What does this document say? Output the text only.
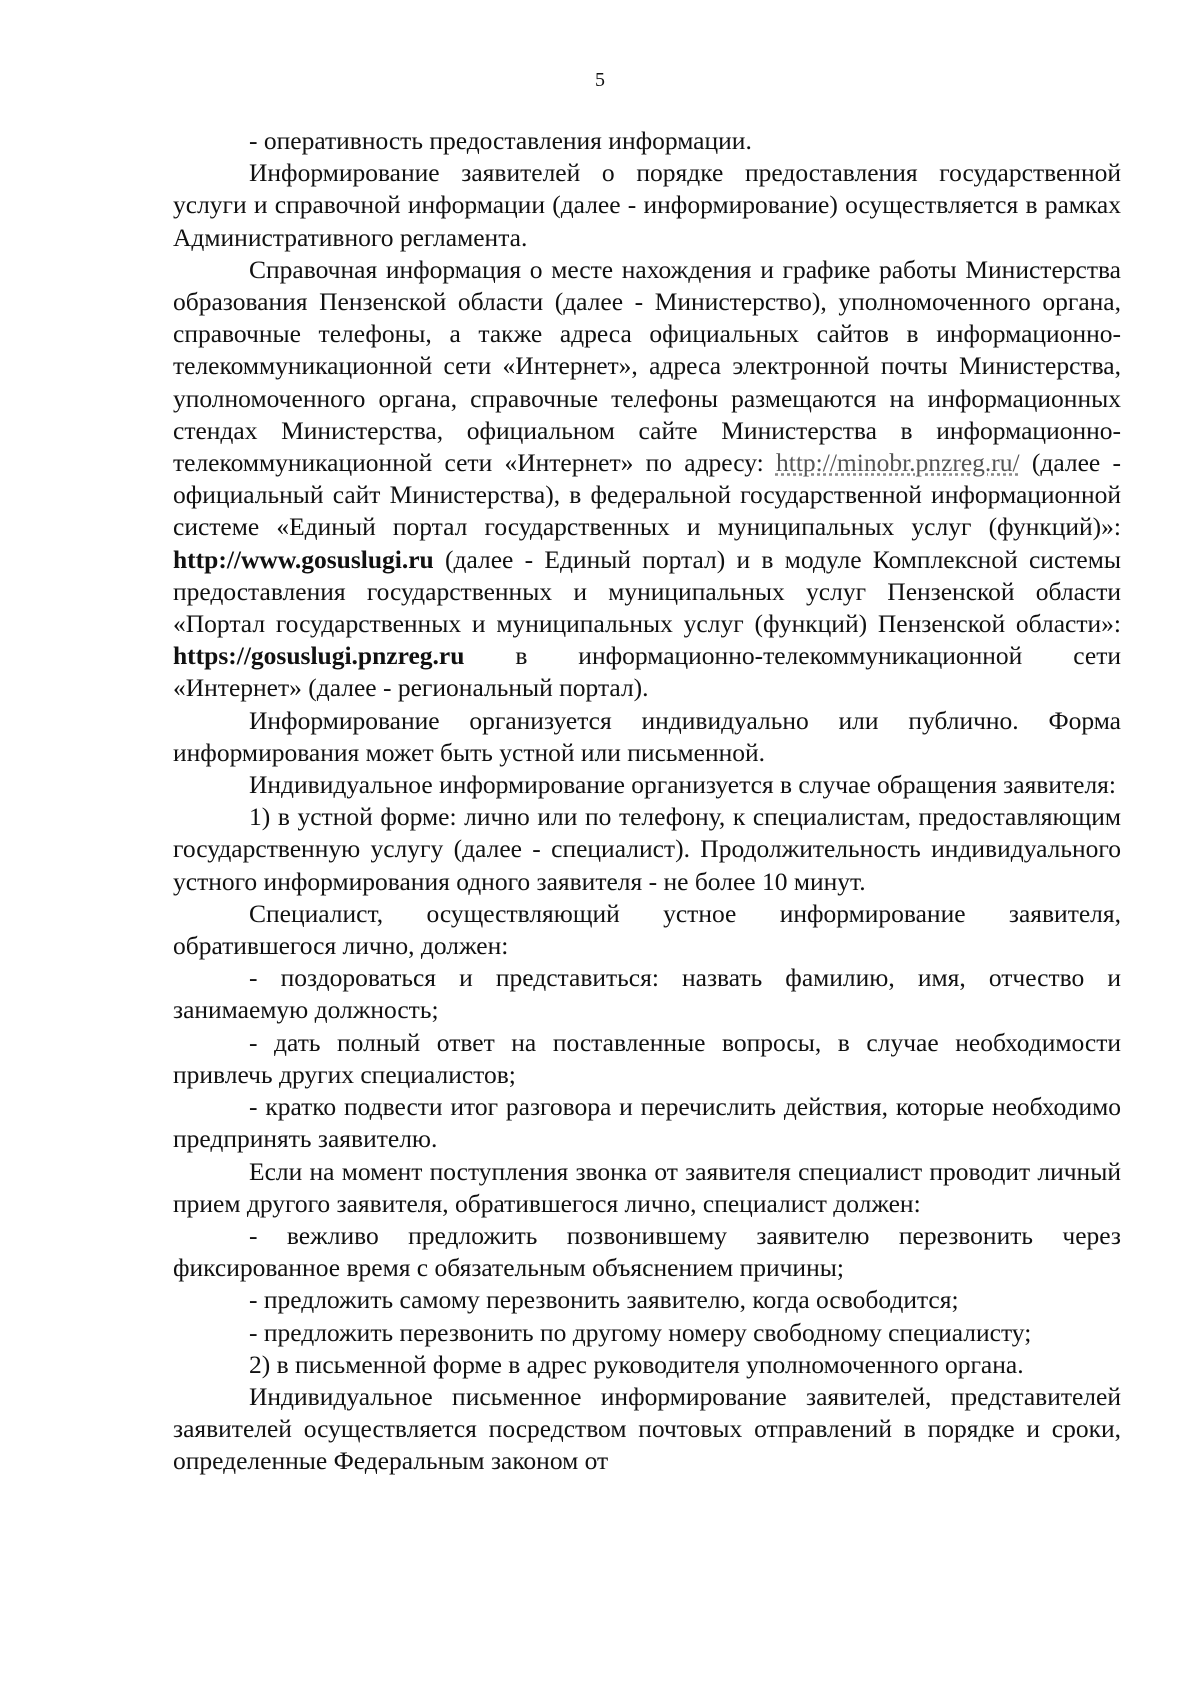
5

- оперативность предоставления информации.

Информирование заявителей о порядке предоставления государственной услуги и справочной информации (далее - информирование) осуществляется в рамках Административного регламента.

Справочная информация о месте нахождения и графике работы Министерства образования Пензенской области (далее - Министерство), уполномоченного органа, справочные телефоны, а также адреса официальных сайтов в информационно-телекоммуникационной сети «Интернет», адреса электронной почты Министерства, уполномоченного органа, справочные телефоны размещаются на информационных стендах Министерства, официальном сайте Министерства в информационно-телекоммуникационной сети «Интернет» по адресу: http://minobr.pnzreg.ru/ (далее - официальный сайт Министерства), в федеральной государственной информационной системе «Единый портал государственных и муниципальных услуг (функций)»: http://www.gosuslugi.ru (далее - Единый портал) и в модуле Комплексной системы предоставления государственных и муниципальных услуг Пензенской области «Портал государственных и муниципальных услуг (функций) Пензенской области»: https://gosuslugi.pnzreg.ru в информационно-телекоммуникационной сети «Интернет» (далее - региональный портал).

Информирование организуется индивидуально или публично. Форма информирования может быть устной или письменной.

Индивидуальное информирование организуется в случае обращения заявителя:

1) в устной форме: лично или по телефону, к специалистам, предоставляющим государственную услугу (далее - специалист). Продолжительность индивидуального устного информирования одного заявителя - не более 10 минут.

Специалист, осуществляющий устное информирование заявителя, обратившегося лично, должен:

- поздороваться и представиться: назвать фамилию, имя, отчество и занимаемую должность;

- дать полный ответ на поставленные вопросы, в случае необходимости привлечь других специалистов;

- кратко подвести итог разговора и перечислить действия, которые необходимо предпринять заявителю.

Если на момент поступления звонка от заявителя специалист проводит личный прием другого заявителя, обратившегося лично, специалист должен:

- вежливо предложить позвонившему заявителю перезвонить через фиксированное время с обязательным объяснением причины;

- предложить самому перезвонить заявителю, когда освободится;

- предложить перезвонить по другому номеру свободному специалисту;

2) в письменной форме в адрес руководителя уполномоченного органа.

Индивидуальное письменное информирование заявителей, представителей заявителей осуществляется посредством почтовых отправлений в порядке и сроки, определенные Федеральным законом от
